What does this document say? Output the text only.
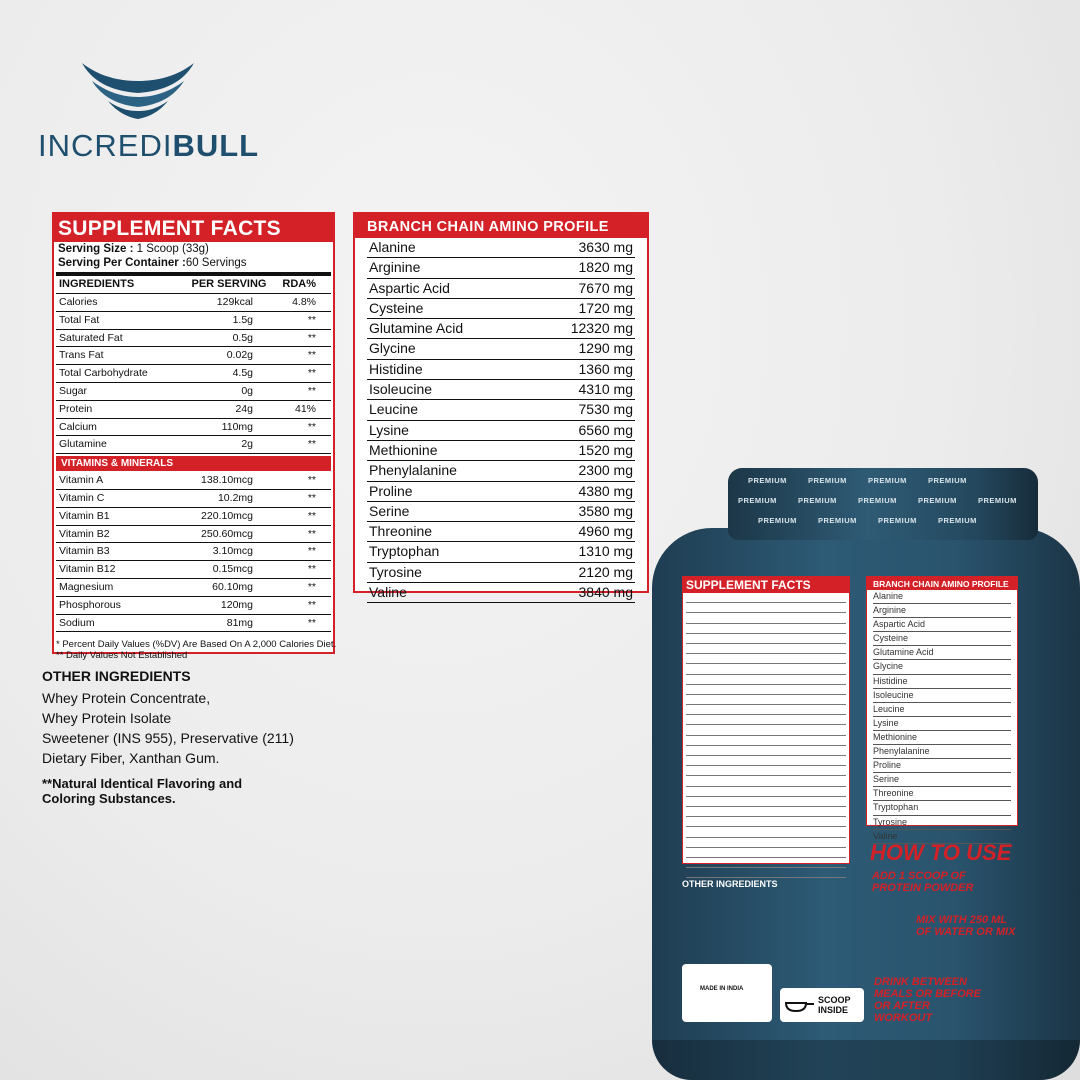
INCREDIBULL
SUPPLEMENT FACTS
Serving Size : 1 Scoop (33g)
Serving Per Container :60 Servings
INGREDIENTS	PER SERVING	RDA%
Calories	129kcal	4.8%
Total Fat	1.5g	**
Saturated Fat	0.5g	**
Trans Fat	0.02g	**
Total Carbohydrate	4.5g	**
Sugar	0g	**
Protein	24g	41%
Calcium	110mg	**
Glutamine	2g	**
VITAMINS & MINERALS
Vitamin A	138.10mcg	**
Vitamin C	10.2mg	**
Vitamin B1	220.10mcg	**
Vitamin B2	250.60mcg	**
Vitamin B3	3.10mcg	**
Vitamin B12	0.15mcg	**
Magnesium	60.10mg	**
Phosphorous	120mg	**
Sodium	81mg	**
* Percent Daily Values (%DV) Are Based On A 2,000 Calories Diet.
** Daily Values Not Established
BRANCH CHAIN AMINO PROFILE
Alanine	3630 mg
Arginine	1820 mg
Aspartic Acid	7670 mg
Cysteine	1720 mg
Glutamine Acid	12320 mg
Glycine	1290 mg
Histidine	1360 mg
Isoleucine	4310 mg
Leucine	7530 mg
Lysine	6560 mg
Methionine	1520 mg
Phenylalanine	2300 mg
Proline	4380 mg
Serine	3580 mg
Threonine	4960 mg
Tryptophan	1310 mg
Tyrosine	2120 mg
Valine	3840 mg
OTHER INGREDIENTS
Whey Protein Concentrate,
Whey Protein Isolate
Sweetener (INS 955), Preservative (211)
Dietary Fiber, Xanthan Gum.
**Natural Identical Flavoring and
Coloring Substances.
PREMIUM	PREMIUM	PREMIUM	PREMIUM
PREMIUM	PREMIUM	PREMIUM	PREMIUM	PREMIUM
PREMIUM	PREMIUM	PREMIUM	PREMIUM
SUPPLEMENT FACTS	BRANCH CHAIN AMINO PROFILE
Alanine
Arginine
Aspartic Acid
Cysteine
Glutamine Acid
Glycine
Histidine
Isoleucine
Leucine
Lysine
Methionine
Phenylalanine
Proline
Serine
Threonine
Tryptophan
Tyrosine
Valine
HOW TO USE
ADD 1 SCOOP OF PROTEIN POWDER
MIX WITH 250 ML OF WATER OR MIX
DRINK BETWEEN MEALS OR BEFORE OR AFTER WORKOUT
OTHER INGREDIENTS
MADE IN INDIA
SCOOP
INSIDE
